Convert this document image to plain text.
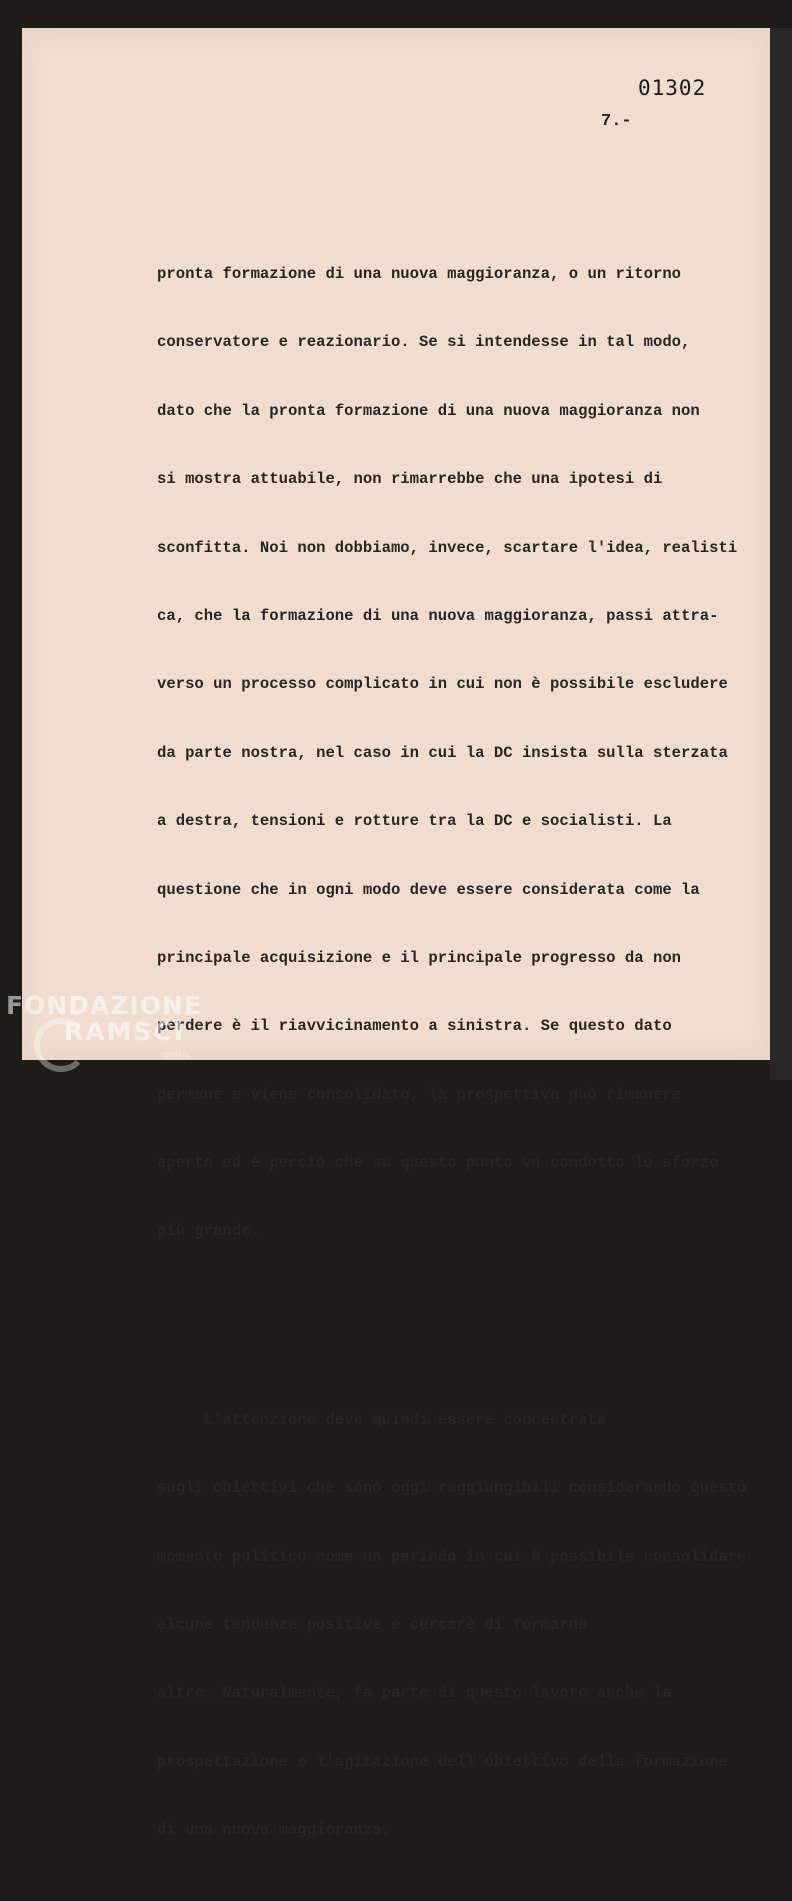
01302
7.-

pronta formazione di una nuova maggioranza, o un ritorno

conservatore e reazionario. Se si intendesse in tal modo,

dato che la pronta formazione di una nuova maggioranza non

si mostra attuabile, non rimarrebbe che una ipotesi di

sconfitta. Noi non dobbiamo, invece, scartare l'idea, realisti

ca, che la formazione di una nuova maggioranza, passi attra-

verso un processo complicato in cui non è possibile escludere

da parte nostra, nel caso in cui la DC insista sulla sterzata

a destra, tensioni e rotture tra la DC e socialisti. La

questione che in ogni modo deve essere considerata come la

principale acquisizione e il principale progresso da non

perdere è il riavvicinamento a sinistra. Se questo dato

permane e viene consolidato, la prospettiva può rimanere

aperta ed è perciò che su questo punto va condotto lo sforzo

più grande.

L'attenzione deve quindi essere concentrata

sugli obiettivi che sono oggi raggiungibili considerando questo

momento politico come un periodo in cui è possibile consolidare

alcune tendenze positive e cercare di formarne

altre. Naturalmente, fa parte di questo lavoro anche la

prospettazione e l'agitazione dell'obiettivo della formazione

di una nuova maggioranza.

FONDAZIONE
RAMSCI
onlus
